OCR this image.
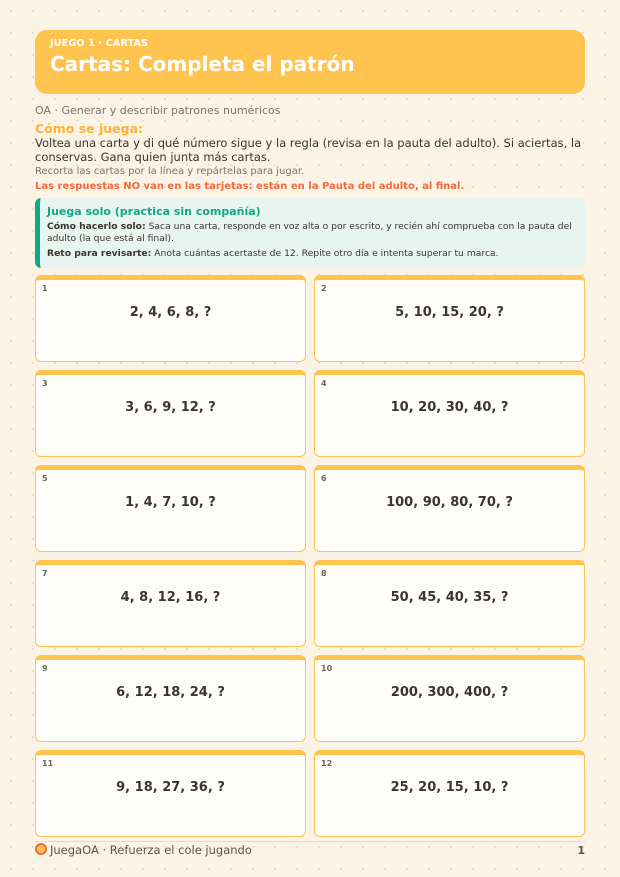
JUEGO 1 · CARTAS
Cartas: Completa el patrón
OA · Generar y describir patrones numéricos
Cómo se juega:
Voltea una carta y di qué número sigue y la regla (revisa en la pauta del adulto). Si aciertas, la conservas. Gana quien junta más cartas.
Recorta las cartas por la línea y repártelas para jugar.
Las respuestas NO van en las tarjetas: están en la Pauta del adulto, al final.
Juega solo (practica sin compañía)
Cómo hacerlo solo: Saca una carta, responde en voz alta o por escrito, y recién ahí comprueba con la pauta del adulto (la que está al final).
Reto para revisarte: Anota cuántas acertaste de 12. Repite otro día e intenta superar tu marca.
1
2, 4, 6, 8, ?
2
5, 10, 15, 20, ?
3
3, 6, 9, 12, ?
4
10, 20, 30, 40, ?
5
1, 4, 7, 10, ?
6
100, 90, 80, 70, ?
7
4, 8, 12, 16, ?
8
50, 45, 40, 35, ?
9
6, 12, 18, 24, ?
10
200, 300, 400, ?
11
9, 18, 27, 36, ?
12
25, 20, 15, 10, ?
JuegaOA · Refuerza el cole jugando	1
